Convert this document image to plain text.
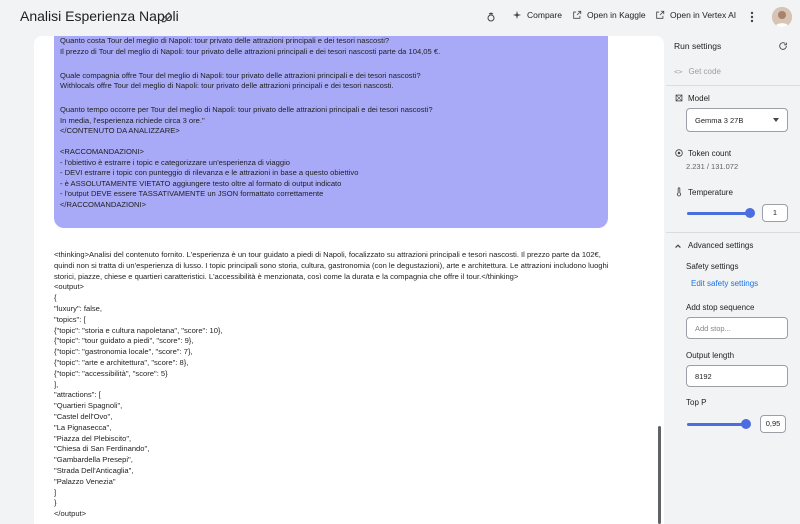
Analisi Esperienza Napoli	Compare	Open in Kaggle	Open in Vertex AI
Quanto costa Tour del meglio di Napoli: tour privato delle attrazioni principali e dei tesori nascosti?
Il prezzo di Tour del meglio di Napoli: tour privato delle attrazioni principali e dei tesori nascosti parte da 104,05 €.
Quale compagnia offre Tour del meglio di Napoli: tour privato delle attrazioni principali e dei tesori nascosti?
Withlocals offre Tour del meglio di Napoli: tour privato delle attrazioni principali e dei tesori nascosti.
Quanto tempo occorre per Tour del meglio di Napoli: tour privato delle attrazioni principali e dei tesori nascosti?
In media, l'esperienza richiede circa 3 ore."
</CONTENUTO DA ANALIZZARE>
<RACCOMANDAZIONI>
- l'obiettivo è estrarre i topic e categorizzare un'esperienza di viaggio
- DEVI estrarre i topic con punteggio di rilevanza e le attrazioni in base a questo obiettivo
- è ASSOLUTAMENTE VIETATO aggiungere testo oltre al formato di output indicato
- l'output DEVE essere TASSATIVAMENTE un JSON formattato correttamente
</RACCOMANDAZIONI>
<thinking>Analisi del contenuto fornito. L'esperienza è un tour guidato a piedi di Napoli, focalizzato su attrazioni principali e tesori nascosti. Il prezzo parte da 102€, quindi non si tratta di un'esperienza di lusso. I topic principali sono storia, cultura, gastronomia (con le degustazioni), arte e architettura. Le attrazioni includono luoghi storici, piazze, chiese e quartieri caratteristici. L'accessibilità è menzionata, così come la durata e la compagnia che offre il tour.</thinking>
<output>
{
"luxury": false,
"topics": [
{"topic": "storia e cultura napoletana", "score": 10},
{"topic": "tour guidato a piedi", "score": 9},
{"topic": "gastronomia locale", "score": 7},
{"topic": "arte e architettura", "score": 8},
{"topic": "accessibilità", "score": 5}
],
"attractions": [
"Quartieri Spagnoli",
"Castel dell'Ovo",
"La Pignasecca",
"Piazza del Plebiscito",
"Chiesa di San Ferdinando",
"Gambardella Presepi",
"Strada Dell'Anticaglia",
"Palazzo Venezia"
]
}
</output>
Run settings
<> Get code
Model
Gemma 3 27B
Token count
2.231 / 131.072
Temperature
1
Advanced settings
Safety settings
Edit safety settings
Add stop sequence
Add stop...
Output length
8192
Top P
0,95
